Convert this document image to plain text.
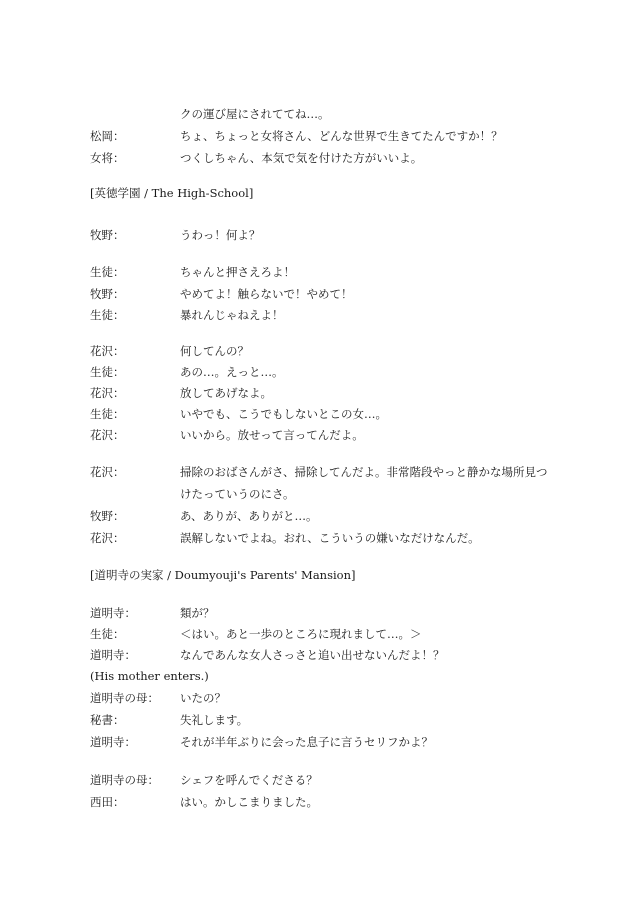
クの運び屋にされててね…。
松岡：	ちょ、ちょっと女将さん、どんな世界で生きてたんですか！？
女将：	つくしちゃん、本気で気を付けた方がいいよ。
[英徳学園 / The High-School]
牧野：	うわっ！何よ？
生徒：	ちゃんと押さえろよ！
牧野：	やめてよ！触らないで！やめて！
生徒：	暴れんじゃねえよ！
花沢：	何してんの？
生徒：	あの…。えっと…。
花沢：	放してあげなよ。
生徒：	いやでも、こうでもしないとこの女…。
花沢：	いいから。放せって言ってんだよ。
花沢：	掃除のおばさんがさ、掃除してんだよ。非常階段やっと静かな場所見つ
けたっていうのにさ。
牧野：	あ、ありが、ありがと…。
花沢：	誤解しないでよね。おれ、こういうの嫌いなだけなんだ。
[道明寺の実家 / Doumyouji's Parents' Mansion]
道明寺：	類が？
生徒：	＜はい。あと一歩のところに現れまして…。＞
道明寺：	なんであんな女人さっさと追い出せないんだよ！？
(His mother enters.)
道明寺の母： いたの？
秘書：	失礼します。
道明寺：	それが半年ぶりに会った息子に言うセリフかよ？
道明寺の母： シェフを呼んでくださる？
西田：	はい。かしこまりました。
